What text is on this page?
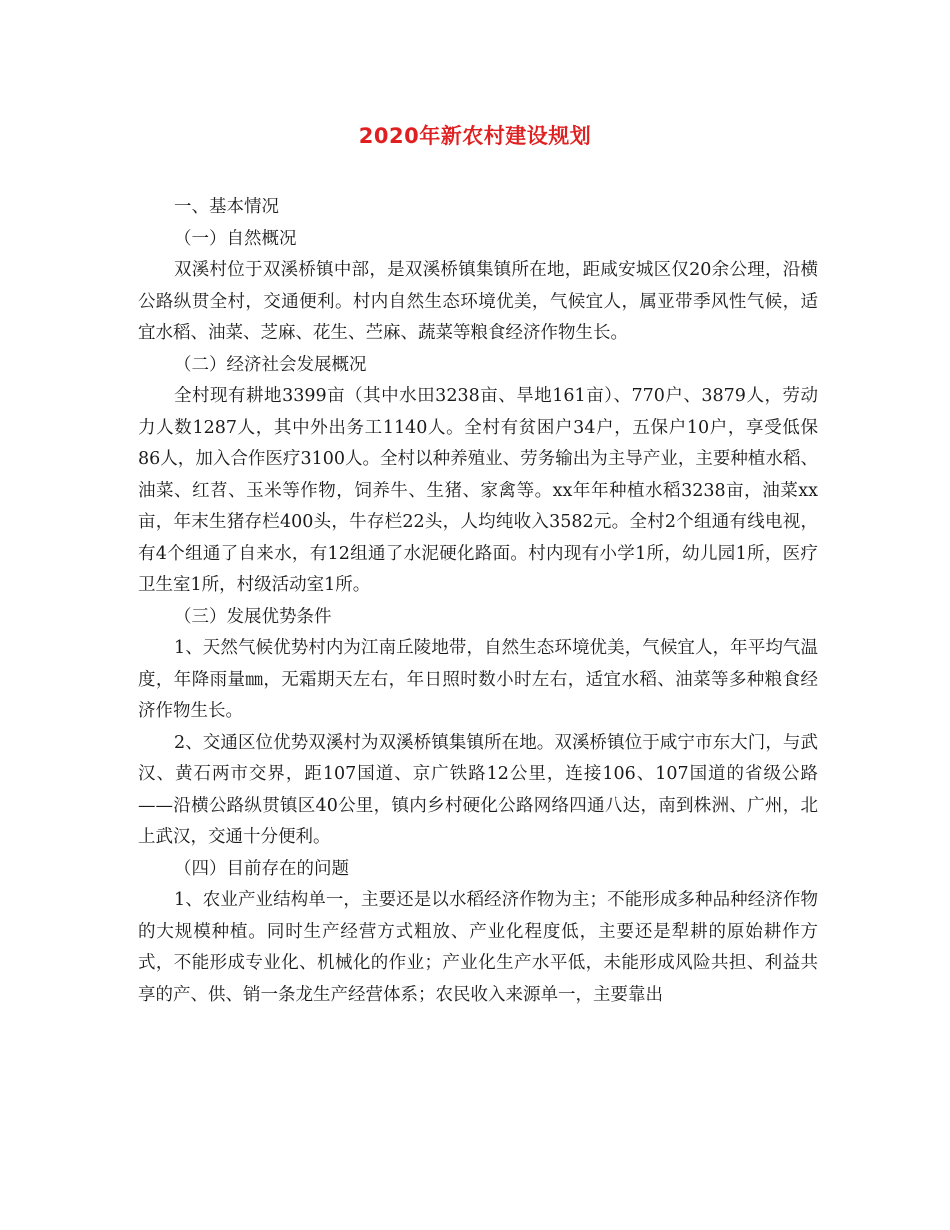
2020年新农村建设规划

一、基本情况

（一）自然概况

双溪村位于双溪桥镇中部，是双溪桥镇集镇所在地，距咸安城区仅20余公理，沿横公路纵贯全村，交通便利。村内自然生态环境优美，气候宜人，属亚带季风性气候，适宜水稻、油菜、芝麻、花生、苎麻、蔬菜等粮食经济作物生长。

（二）经济社会发展概况

全村现有耕地3399亩（其中水田3238亩、旱地161亩）、770户、3879人，劳动力人数1287人，其中外出务工1140人。全村有贫困户34户，五保户10户，享受低保86人，加入合作医疗3100人。全村以种养殖业、劳务输出为主导产业，主要种植水稻、油菜、红苕、玉米等作物，饲养牛、生猪、家禽等。xx年年种植水稻3238亩，油菜xx亩，年末生猪存栏400头，牛存栏22头，人均纯收入3582元。全村2个组通有线电视，有4个组通了自来水，有12组通了水泥硬化路面。村内现有小学1所，幼儿园1所，医疗卫生室1所，村级活动室1所。

（三）发展优势条件

1、天然气候优势村内为江南丘陵地带，自然生态环境优美，气候宜人，年平均气温度，年降雨量㎜，无霜期天左右，年日照时数小时左右，适宜水稻、油菜等多种粮食经济作物生长。

2、交通区位优势双溪村为双溪桥镇集镇所在地。双溪桥镇位于咸宁市东大门，与武汉、黄石两市交界，距107国道、京广铁路12公里，连接106、107国道的省级公路——沿横公路纵贯镇区40公里，镇内乡村硬化公路网络四通八达，南到株洲、广州，北上武汉，交通十分便利。

（四）目前存在的问题

1、农业产业结构单一，主要还是以水稻经济作物为主；不能形成多种品种经济作物的大规模种植。同时生产经营方式粗放、产业化程度低，主要还是犁耕的原始耕作方式，不能形成专业化、机械化的作业；产业化生产水平低，未能形成风险共担、利益共享的产、供、销一条龙生产经营体系；农民收入来源单一，主要靠出
